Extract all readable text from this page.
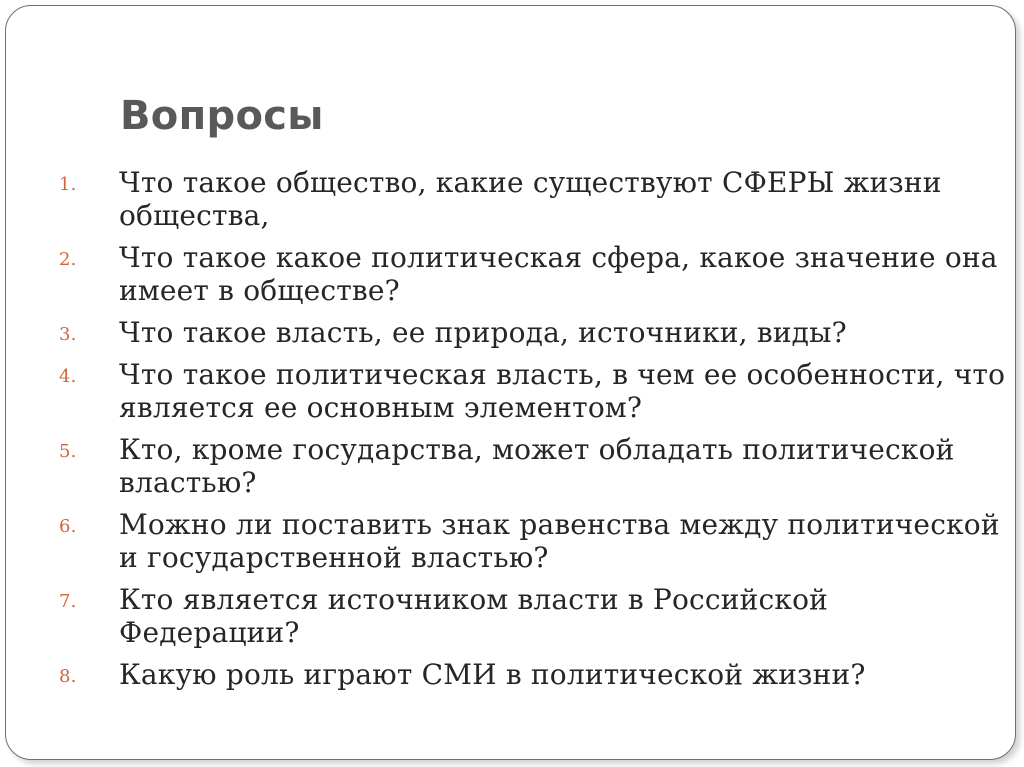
Вопросы
1. Что такое общество, какие существуют СФЕРЫ жизни общества,
2. Что такое какое политическая сфера, какое значение она имеет в обществе?
3. Что такое власть, ее природа, источники, виды?
4. Что такое политическая власть, в чем ее особенности, что является ее основным элементом?
5. Кто, кроме государства, может обладать политической властью?
6. Можно ли поставить знак равенства между политической и государственной властью?
7. Кто является источником власти в Российской Федерации?
8. Какую роль играют СМИ в политической жизни?
